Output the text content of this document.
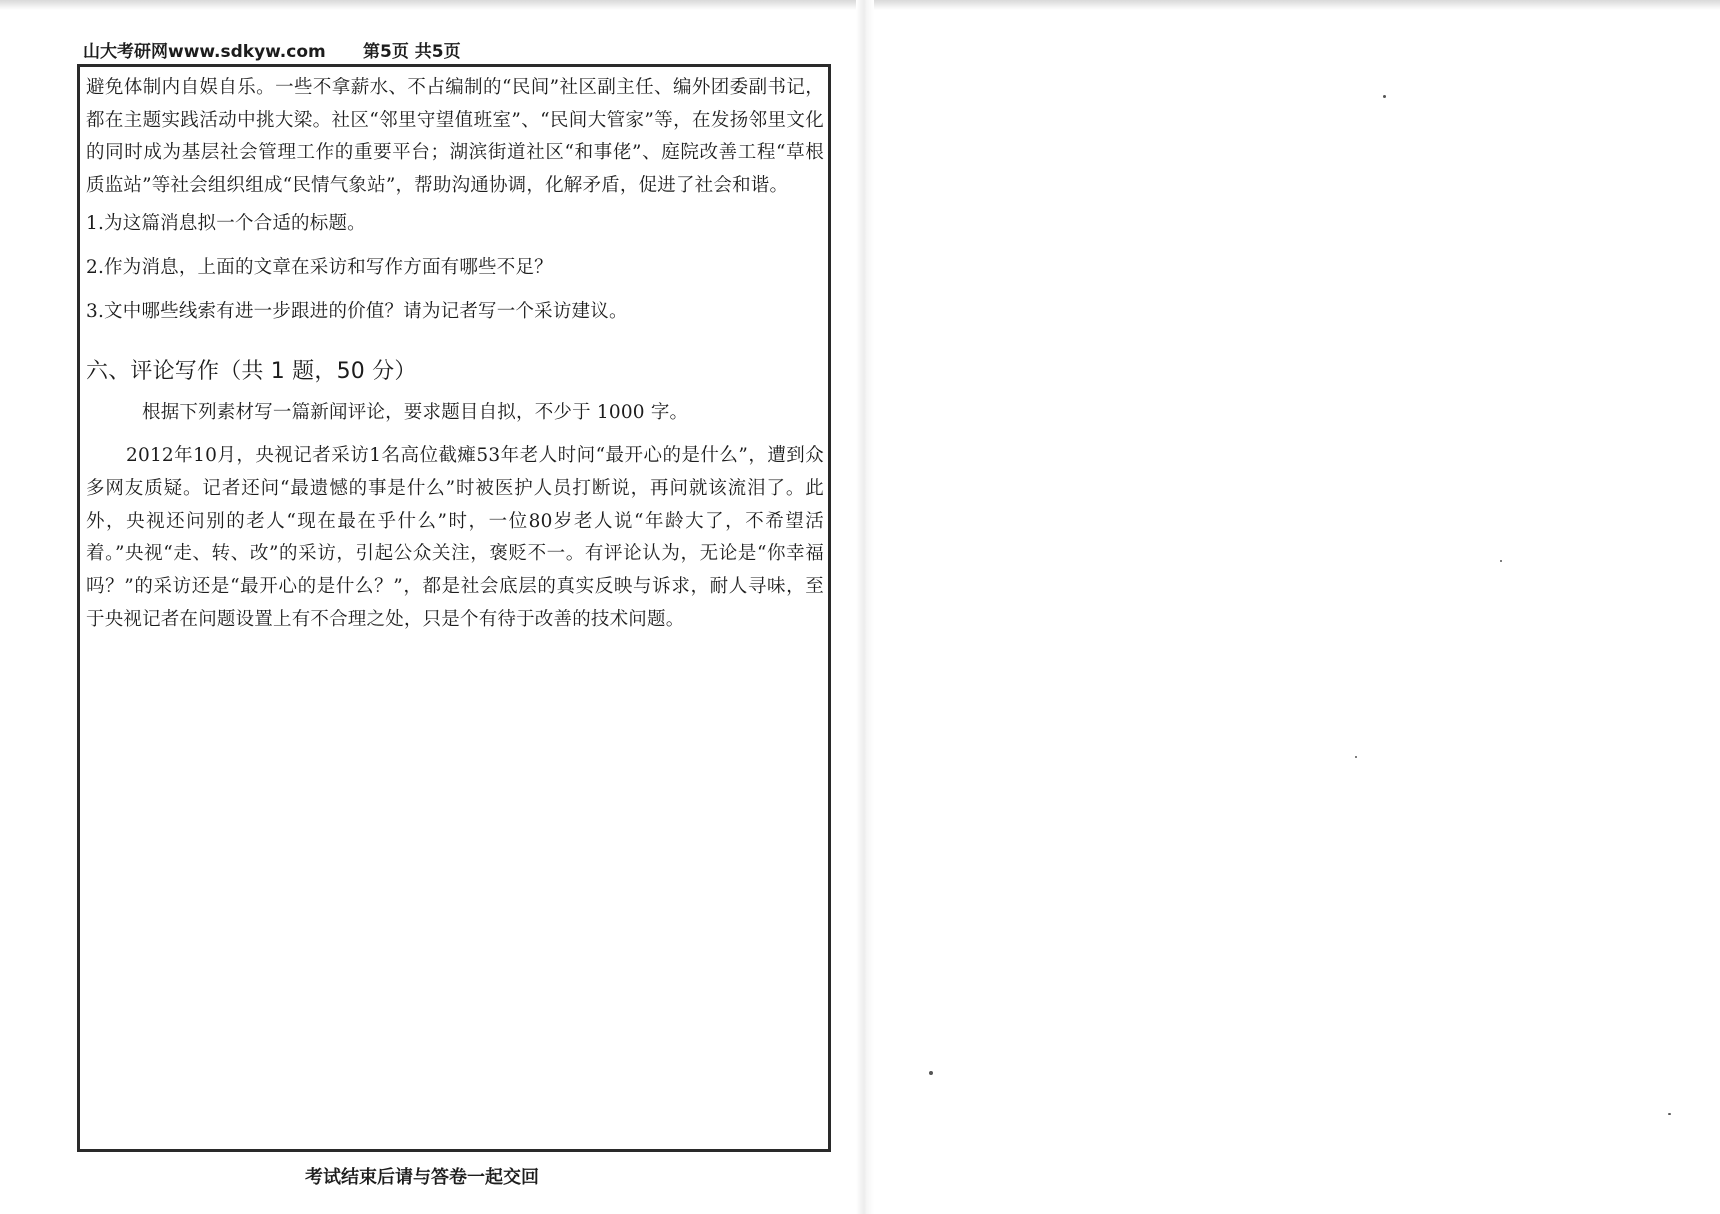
山大考研网www.sdkyw.com 第5页 共5页

避免体制内自娱自乐。一些不拿薪水、不占编制的“民间”社区副主任、编外团委副书记，都在主题实践活动中挑大梁。社区“邻里守望值班室”、“民间大管家”等，在发扬邻里文化的同时成为基层社会管理工作的重要平台；湖滨街道社区“和事佬”、庭院改善工程“草根质监站”等社会组织组成“民情气象站”，帮助沟通协调，化解矛盾，促进了社会和谐。

1.为这篇消息拟一个合适的标题。

2.作为消息，上面的文章在采访和写作方面有哪些不足？

3.文中哪些线索有进一步跟进的价值？请为记者写一个采访建议。

六、评论写作（共 1 题，50 分）

根据下列素材写一篇新闻评论，要求题目自拟，不少于 1000 字。

2012年10月，央视记者采访1名高位截瘫53年老人时问“最开心的是什么”，遭到众多网友质疑。记者还问“最遗憾的事是什么”时被医护人员打断说，再问就该流泪了。此外，央视还问别的老人“现在最在乎什么”时，一位80岁老人说“年龄大了，不希望活着。”央视“走、转、改”的采访，引起公众关注，褒贬不一。有评论认为，无论是“你幸福吗？”的采访还是“最开心的是什么？”，都是社会底层的真实反映与诉求，耐人寻味，至于央视记者在问题设置上有不合理之处，只是个有待于改善的技术问题。

考试结束后请与答卷一起交回
